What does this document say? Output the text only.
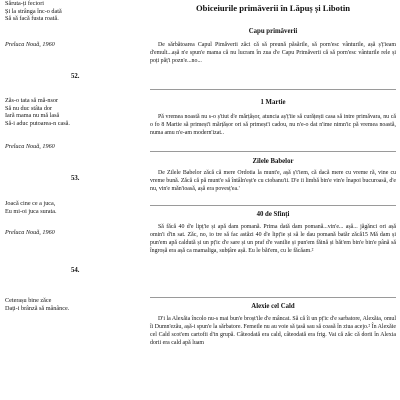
Săruta-ți feciori
Și la strânga înc-o dată
Să să facă fusta roată.
Preluca Nouă, 1960
52.
Zăs-o tata să mă-nsor
Să nu duc stâta dor
Iară mama nu mă lasă
Să-i aduc putoarea-n casă.
Preluca Nouă, 1960
53.
Joacă cine ce a juca,
Eu mi-oi juca surata.
Preluca Nouă, 1960
54.
Ceterașu bine zăce
Dați-i brânză să mânânce.
Obiceiurile primăverii în Lăpuș și Libotin
Capu primăverii

De sărbătoarea Capul Pimăverii zăci că să preună păsările, să porn'esc vânturile, așă ș'ț'ieam d'emult...așă n'e spun'e mama că nu lucram în zua d'e Capu Primăverii că să porn'esc vânturile rele și poți păț'i pozn'e...no...

1 Martie

Pă vremea noastă nu s-o ș'tiut d'e mărțășor, atuncia aș'ț'iie să curățești casa să intre primăvara, nu că o fo 8 Martie să primeșt'i mărțășor ori să primeșt'i cadou, nu n'e-o dat n'ime nimn'ic pă vremea noastă, numa amu n'e-am modern'izat..

Zilele Babelor

De Zilele Babelor zăcă că mere Ordotia la munt'e, așă ș't'iem, că dacă mere cu vreme ră, vine cu vreme bună. Zăcă că pă munt'e să întâln'eșt'e cu ciobanu'ii. D'e ii limbă bin'e vin'e înapoi bucuroasă, d'e nu, vin'e măn'ioasă, așă era povesț'ea.'

40 de Sfinți

Să făcă 40 d'e lipț'ie și apă dam pomană. Prima dată dam pomană...vin'e... așă... jăgănci ori așă omin'i d'in sat. Zăc, no, io tre să fac astăzi 40 d'e lipț'ie și să le dau pomană batăr zăcă15 Mă dam și pun'em apă caldută și un pț'ic d'e sare și un praf d'e vanilie și pun'em făină și băt'em bin'e bin'e până să îngroșă era așă ca mamaliga, subțâre așă. Eu le băt'em, cu le făcăam.²

Alexie cel Cald

D'i la Alexăia încolo nu-s mai bun'e broșt'ile d'e mâncat. Să că îi un pț'ic d'e sarbatore, Alexăia, omul îi Dumn'ezău, așă-i spun'e la sărbatore. Femeile nu au voie să țasă sau să coasă în ziua acejo.² În Alexăie cel Cald scot'em cartofii d'in grupă. Câteodată era cald, câteodată era frig. Vai că zăc că dorii în Alexia dorii era cald apă luam
